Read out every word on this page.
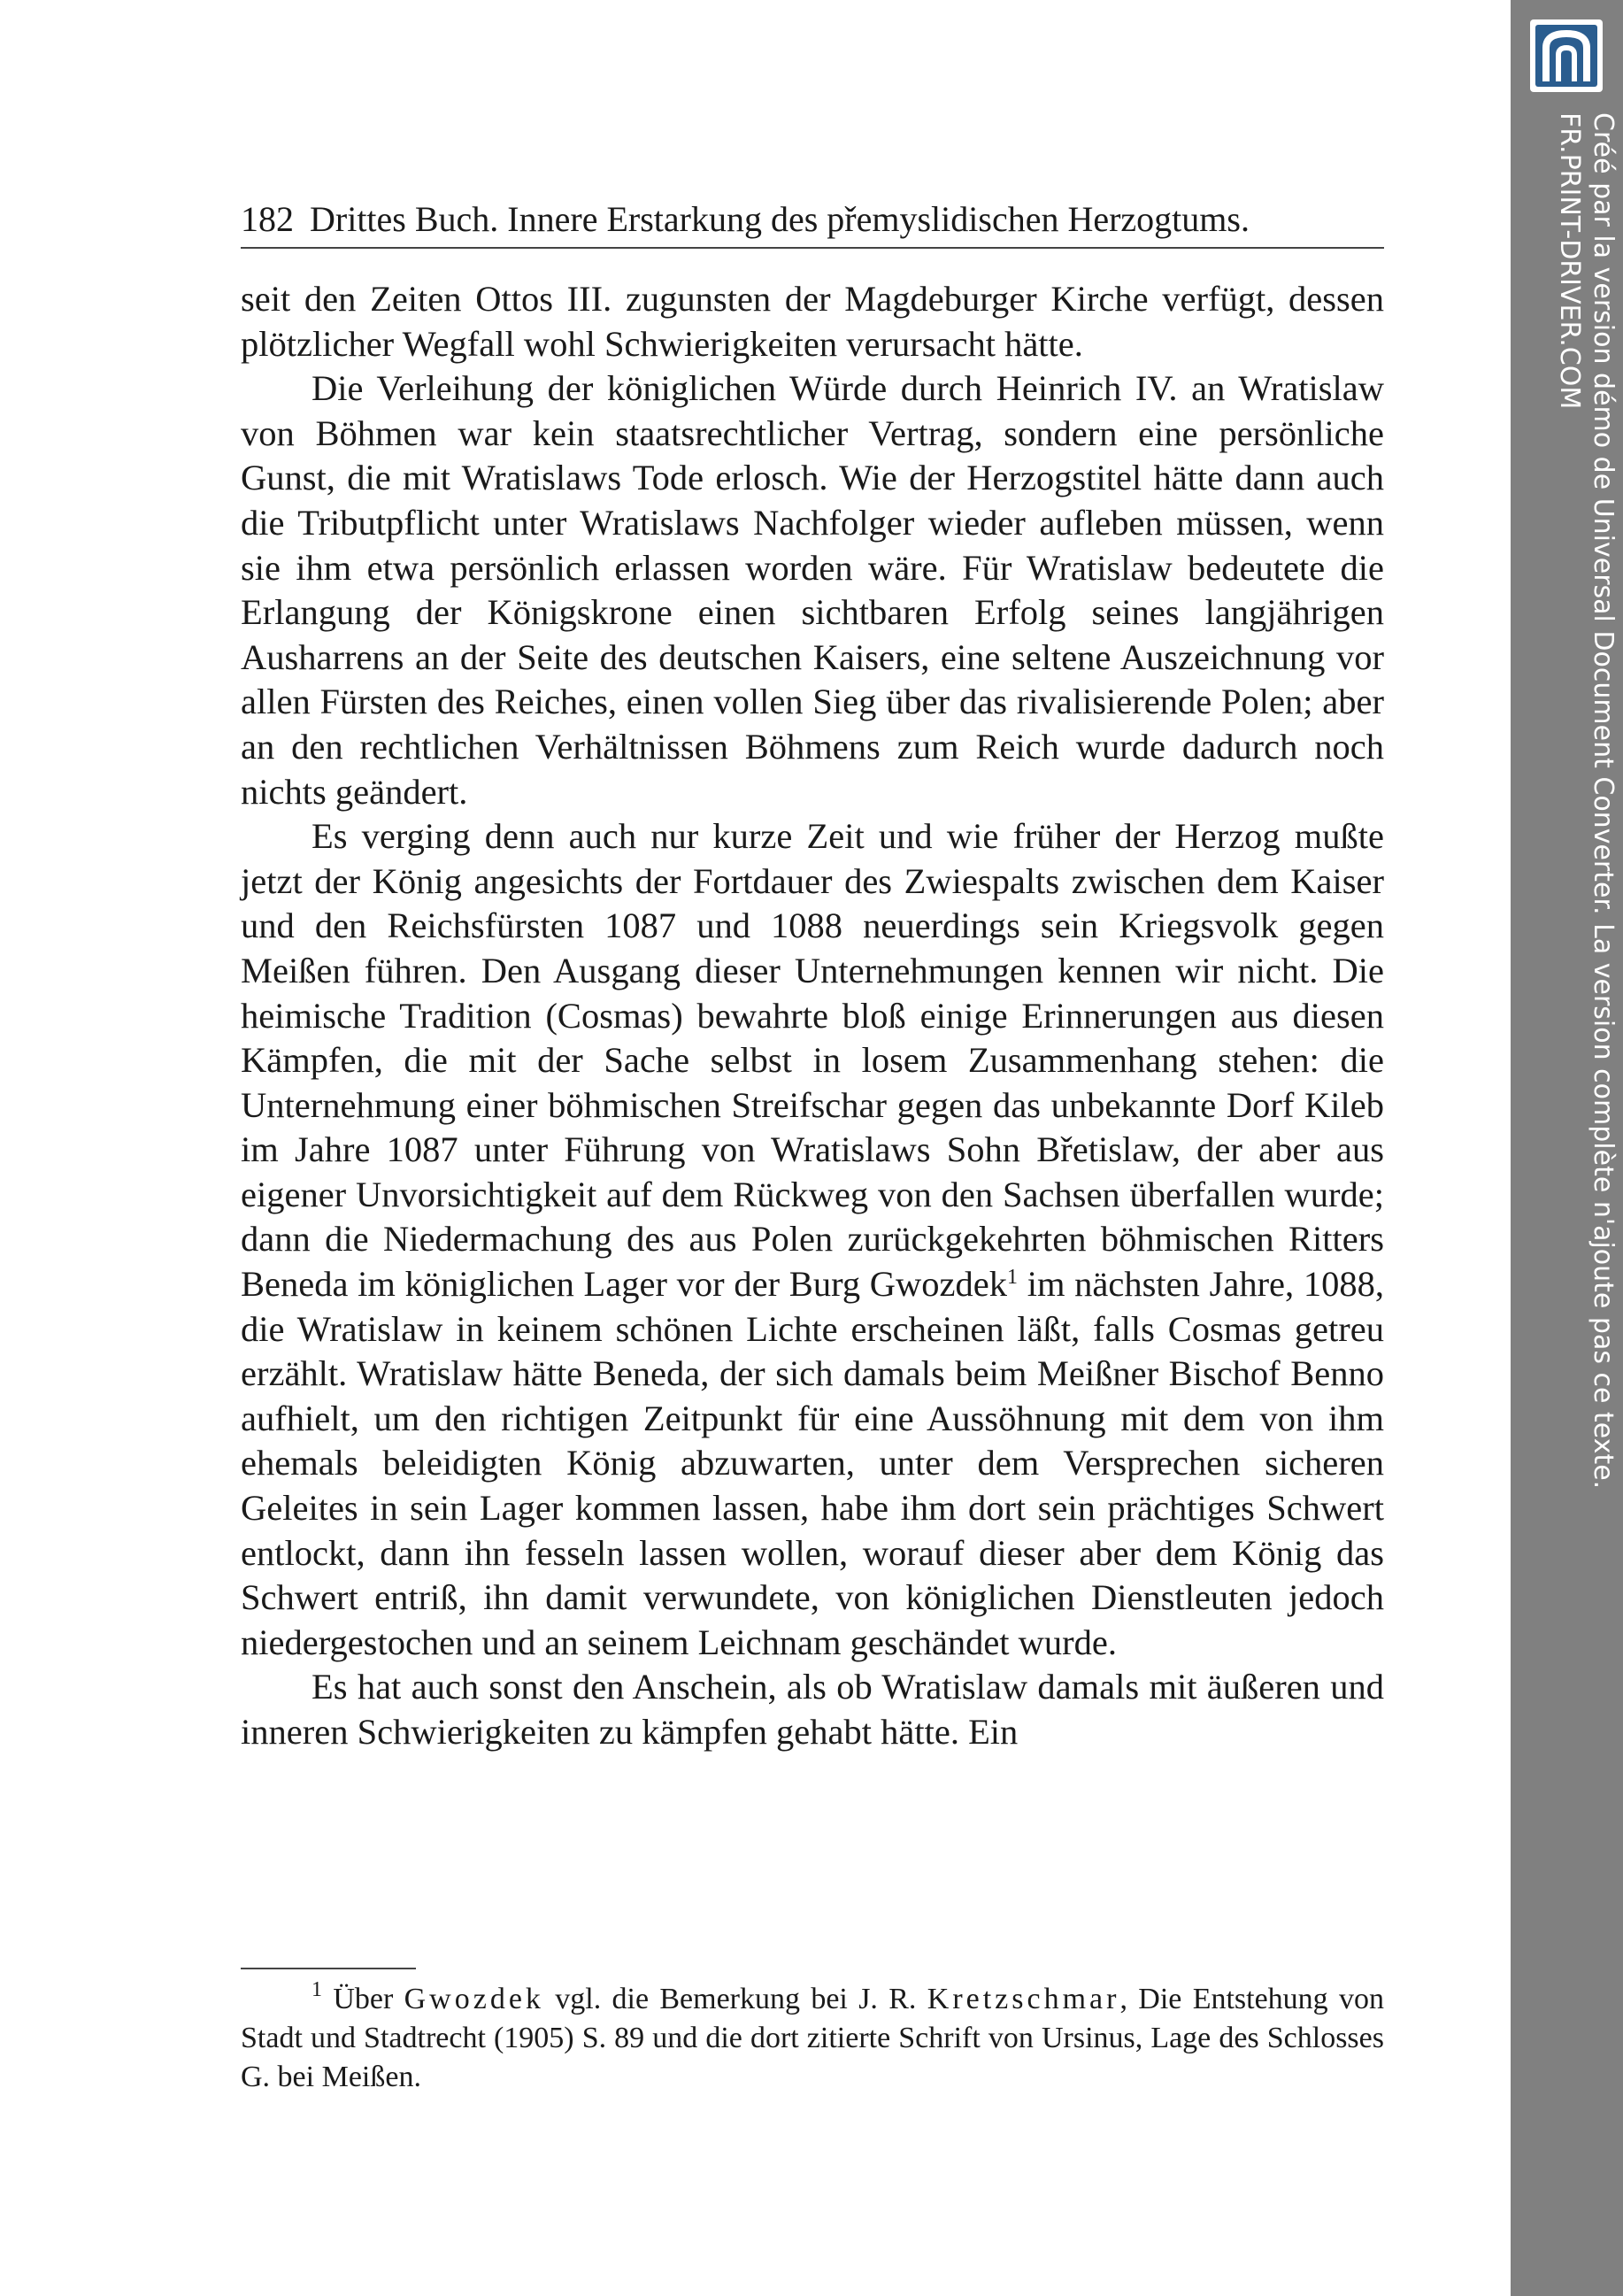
182 Drittes Buch. Innere Erstarkung des přemyslidischen Herzogtums.

seit den Zeiten Ottos III. zugunsten der Magdeburger Kirche verfügt, dessen plötzlicher Wegfall wohl Schwierigkeiten verursacht hätte.

Die Verleihung der königlichen Würde durch Heinrich IV. an Wratislaw von Böhmen war kein staatsrechtlicher Vertrag, sondern eine persönliche Gunst, die mit Wratislaws Tode erlosch. Wie der Herzogstitel hätte dann auch die Tributpflicht unter Wratislaws Nachfolger wieder aufleben müssen, wenn sie ihm etwa persönlich erlassen worden wäre. Für Wratislaw bedeutete die Erlangung der Königskrone einen sichtbaren Erfolg seines langjährigen Ausharrens an der Seite des deutschen Kaisers, eine seltene Auszeichnung vor allen Fürsten des Reiches, einen vollen Sieg über das rivalisierende Polen; aber an den rechtlichen Verhältnissen Böhmens zum Reich wurde dadurch noch nichts geändert.

Es verging denn auch nur kurze Zeit und wie früher der Herzog mußte jetzt der König angesichts der Fortdauer des Zwiespalts zwischen dem Kaiser und den Reichsfürsten 1087 und 1088 neuerdings sein Kriegsvolk gegen Meißen führen. Den Ausgang dieser Unternehmungen kennen wir nicht. Die heimische Tradition (Cosmas) bewahrte bloß einige Erinnerungen aus diesen Kämpfen, die mit der Sache selbst in losem Zusammenhang stehen: die Unternehmung einer böhmischen Streifschar gegen das unbekannte Dorf Kileb im Jahre 1087 unter Führung von Wratislaws Sohn Břetislaw, der aber aus eigener Unvorsichtigkeit auf dem Rückweg von den Sachsen überfallen wurde; dann die Niedermachung des aus Polen zurückgekehrten böhmischen Ritters Beneda im königlichen Lager vor der Burg Gwozdek$^1$ im nächsten Jahre, 1088, die Wratislaw in keinem schönen Lichte erscheinen läßt, falls Cosmas getreu erzählt. Wratislaw hätte Beneda, der sich damals beim Meißner Bischof Benno aufhielt, um den richtigen Zeitpunkt für eine Aussöhnung mit dem von ihm ehemals beleidigten König abzuwarten, unter dem Versprechen sicheren Geleites in sein Lager kommen lassen, habe ihm dort sein prächtiges Schwert entlockt, dann ihn fesseln lassen wollen, worauf dieser aber dem König das Schwert entriß, ihn damit verwundete, von königlichen Dienstleuten jedoch niedergestochen und an seinem Leichnam geschändet wurde.

Es hat auch sonst den Anschein, als ob Wratislaw damals mit äußeren und inneren Schwierigkeiten zu kämpfen gehabt hätte. Ein

$^1$ Über Gwozdek vgl. die Bemerkung bei J. R. Kretzschmar, Die Entstehung von Stadt und Stadtrecht (1905) S. 89 und die dort zitierte Schrift von Ursinus, Lage des Schlosses G. bei Meißen.

Créé par la version démo de Universal Document Converter. La version complète n'ajoute pas ce texte.
FR.PRINT-DRIVER.COM
